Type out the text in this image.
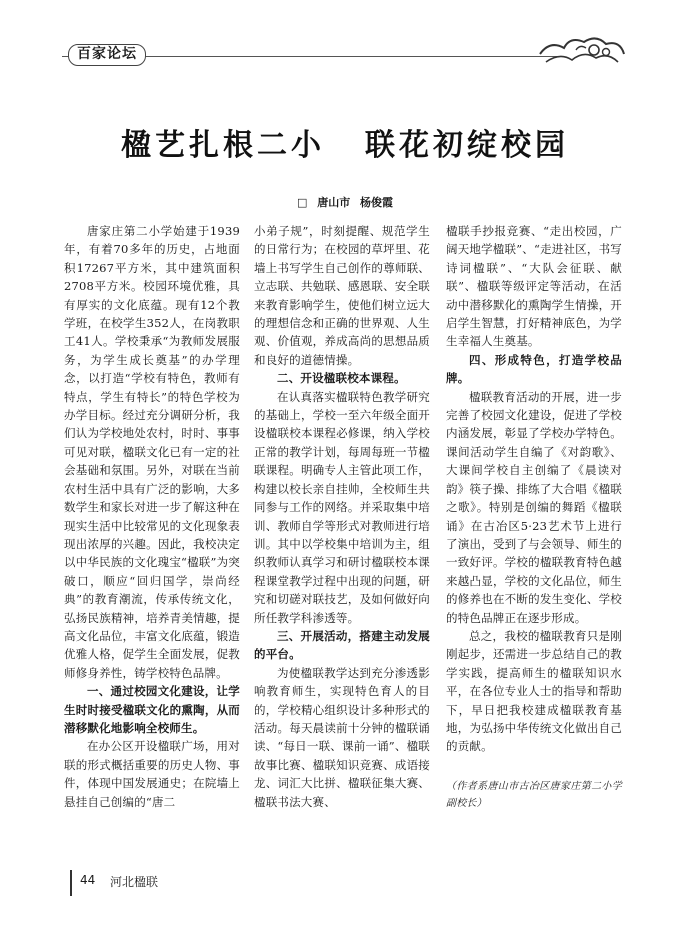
百家论坛
楹艺扎根二小 联花初绽校园
□ 唐山市 杨俊霞

唐家庄第二小学始建于1939年，有着70多年的历史，占地面积17267平方米，其中建筑面积2708平方米。校园环境优雅，具有厚实的文化底蕴。现有12个教学班，在校学生352人，在岗教职工41人。学校秉承“为教师发展服务，为学生成长奠基”的办学理念，以打造“学校有特色，教师有特点，学生有特长”的特色学校为办学目标。经过充分调研分析，我们认为学校地处农村，时时、事事可见对联，楹联文化已有一定的社会基础和氛围。另外，对联在当前农村生活中具有广泛的影响，大多数学生和家长对进一步了解这种在现实生活中比较常见的文化现象表现出浓厚的兴趣。因此，我校决定以中华民族的文化瑰宝“楹联”为突破口，顺应“回归国学，崇尚经典”的教育潮流，传承传统文化，弘扬民族精神，培养青美情趣，提高文化品位，丰富文化底蕴，锻造优雅人格，促学生全面发展，促教师修身养性，铸学校特色品牌。

一、通过校园文化建设，让学生时时接受楹联文化的熏陶，从而潜移默化地影响全校师生。

在办公区开设楹联广场，用对联的形式概括重要的历史人物、事件，体现中国发展通史；在院墙上悬挂自己创编的“唐二

小弟子规”，时刻提醒、规范学生的日常行为；在校园的草坪里、花墙上书写学生自己创作的尊师联、立志联、共勉联、感恩联、安全联来教育影响学生，使他们树立远大的理想信念和正确的世界观、人生观、价值观，养成高尚的思想品质和良好的道德情操。

二、开设楹联校本课程。

在认真落实楹联特色教学研究的基础上，学校一至六年级全面开设楹联校本课程必修课，纳入学校正常的教学计划，每周每班一节楹联课程。明确专人主管此项工作，构建以校长亲自挂帅，全校师生共同参与工作的网络。并采取集中培训、教师自学等形式对教师进行培训。其中以学校集中培训为主，组织教师认真学习和研讨楹联校本课程课堂教学过程中出现的问题，研究和切磋对联技艺，及如何做好向所任教学科渗透等。

三、开展活动，搭建主动发展的平台。

为使楹联教学达到充分渗透影响教育师生，实现特色育人的目的，学校精心组织设计多种形式的活动。每天晨读前十分钟的楹联诵读、“每日一联、课前一诵”、楹联故事比赛、楹联知识竞赛、成语接龙、词汇大比拼、楹联征集大赛、楹联书法大赛、

楹联手抄报竞赛、“走出校园，广阔天地学楹联”、“走进社区，书写诗词楹联”、“大队会征联、献联”、楹联等级评定等活动，在活动中潜移默化的熏陶学生情操，开启学生智慧，打好精神底色，为学生幸福人生奠基。

四、形成特色，打造学校品牌。

楹联教育活动的开展，进一步完善了校园文化建设，促进了学校内涵发展，彰显了学校办学特色。课间活动学生自编了《对韵歌》、大课间学校自主创编了《晨读对韵》筷子操、排练了大合唱《楹联之歌》。特别是创编的舞蹈《楹联诵》在古冶区5·23艺术节上进行了演出，受到了与会领导、师生的一致好评。学校的楹联教育特色越来越凸显，学校的文化品位，师生的修养也在不断的发生变化、学校的特色品牌正在逐步形成。

总之，我校的楹联教育只是刚刚起步，还需进一步总结自己的教学实践，提高师生的楹联知识水平，在各位专业人士的指导和帮助下，早日把我校建成楹联教育基地，为弘扬中华传统文化做出自己的贡献。

（作者系唐山市古冶区唐家庄第二小学副校长）

44 河北楹联
